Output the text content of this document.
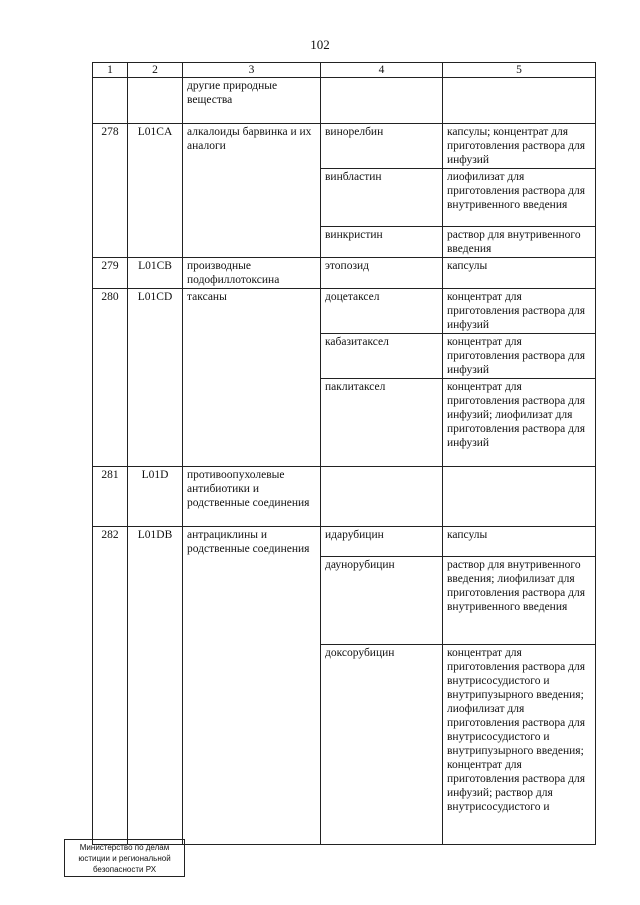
102
1	2	3	4	5
		другие природные вещества		
278	L01CA	алкалоиды барвинка и их аналоги	винорелбин	капсулы; концентрат для приготовления раствора для инфузий
			винбластин	лиофилизат для приготовления раствора для внутривенного введения
			винкристин	раствор для внутривенного введения
279	L01CB	производные подофиллотоксина	этопозид	капсулы
280	L01CD	таксаны	доцетаксел	концентрат для приготовления раствора для инфузий
			кабазитаксел	концентрат для приготовления раствора для инфузий
			паклитаксел	концентрат для приготовления раствора для инфузий; лиофилизат для приготовления раствора для инфузий
281	L01D	противоопухолевые антибиотики и родственные соединения		
282	L01DB	антрациклины и родственные соединения	идарубицин	капсулы
			даунорубицин	раствор для внутривенного введения; лиофилизат для приготовления раствора для внутривенного введения
			доксорубицин	концентрат для приготовления раствора для внутрисосудистого и внутрипузырного введения; лиофилизат для приготовления раствора для внутрисосудистого и внутрипузырного введения; концентрат для приготовления раствора для инфузий; раствор для внутрисосудистого и
Министерство по делам юстиции и региональной безопасности РХ
